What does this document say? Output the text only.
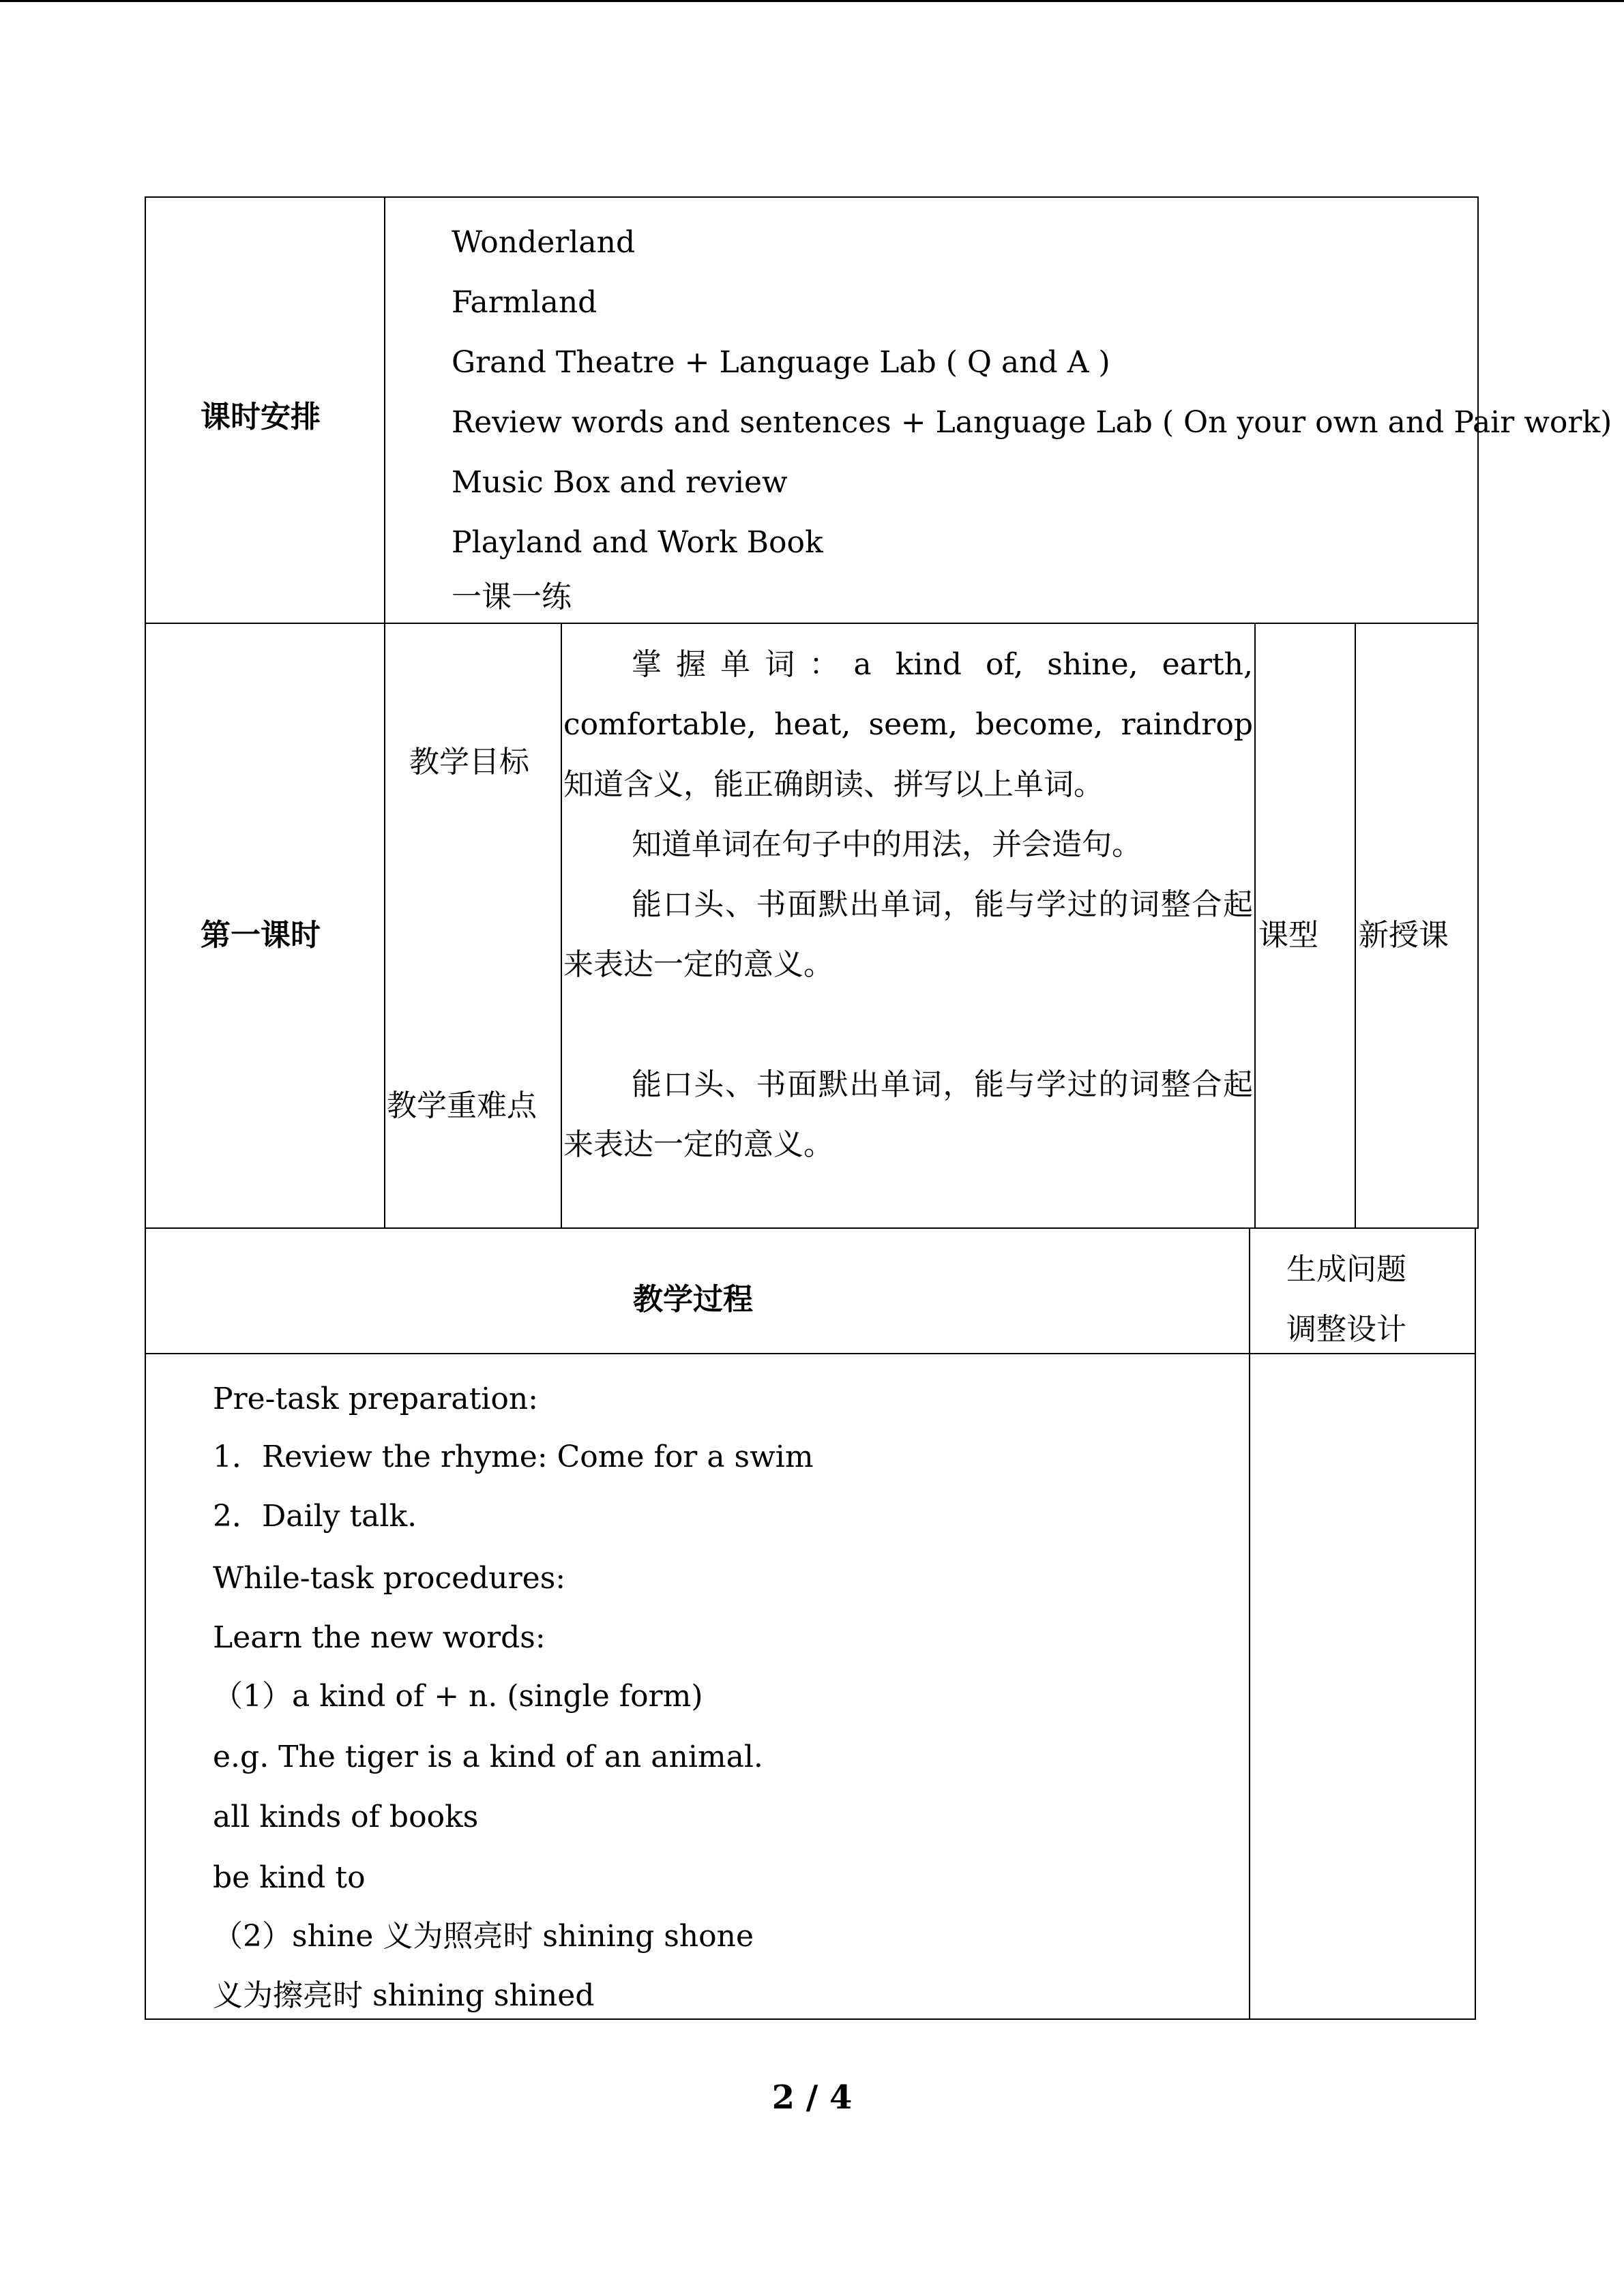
课时安排
Wonderland
Farmland
Grand Theatre + Language Lab ( Q and A )
Review words and sentences + Language Lab ( On your own and Pair work)
Music Box and review
Playland and Work Book
一课一练
第一课时
教学目标
教学重难点

掌握单词：a kind of, shine, earth, comfortable, heat, seem, become, raindrop 知道含义，能正确朗读、拼写以上单词。

知道单词在句子中的用法，并会造句。

能口头、书面默出单词，能与学过的词整合起来表达一定的意义。

能口头、书面默出单词，能与学过的词整合起来表达一定的意义。

课型 新授课
教学过程
生成问题
调整设计
Pre-task preparation:
1．Review the rhyme: Come for a swim
2．Daily talk.
While-task procedures:
Learn the new words:
（1）a kind of + n. (single form)
e.g. The tiger is a kind of an animal.
all kinds of books
be kind to
（2）shine 义为照亮时 shining shone
义为擦亮时 shining shined
2 / 4
